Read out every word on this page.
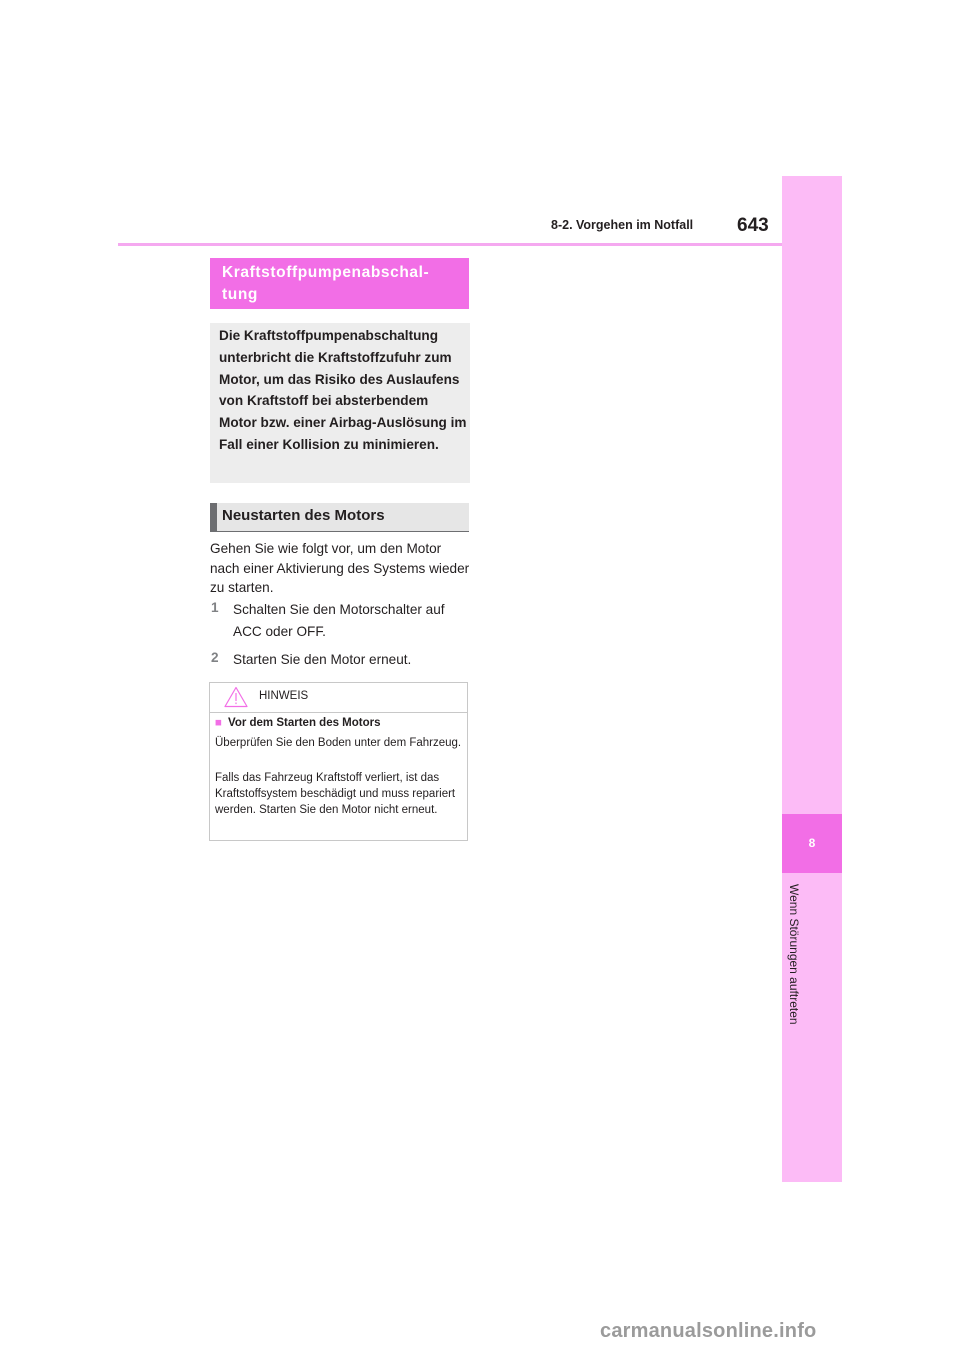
8-2. Vorgehen im Notfall 643
8
Wenn Störungen auftreten
Kraftstoffpumpenabschal-tung
Die Kraftstoffpumpenabschaltung unterbricht die Kraftstoffzufuhr zum Motor, um das Risiko des Auslaufens von Kraftstoff bei absterbendem Motor bzw. einer Airbag-Auslösung im Fall einer Kollision zu minimieren.
Neustarten des Motors
Gehen Sie wie folgt vor, um den Motor nach einer Aktivierung des Systems wieder zu starten.
1 Schalten Sie den Motorschalter auf ACC oder OFF.
2 Starten Sie den Motor erneut.
HINWEIS
■ Vor dem Starten des Motors
Überprüfen Sie den Boden unter dem Fahrzeug.
Falls das Fahrzeug Kraftstoff verliert, ist das Kraftstoffsystem beschädigt und muss repariert werden. Starten Sie den Motor nicht erneut.
carmanualsonline.info
